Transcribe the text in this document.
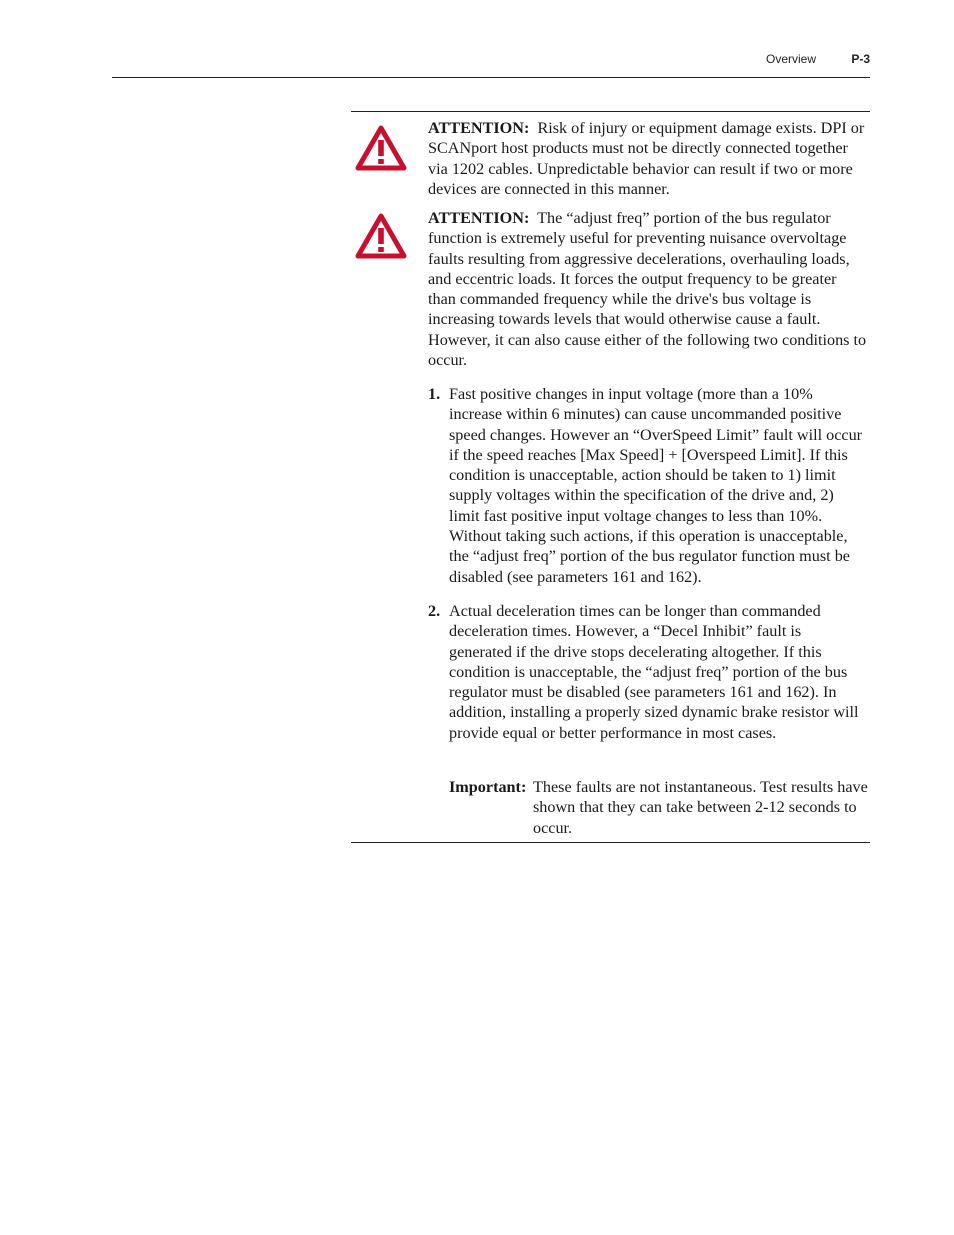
Overview	P-3

ATTENTION: Risk of injury or equipment damage exists. DPI or SCANport host products must not be directly connected together via 1202 cables. Unpredictable behavior can result if two or more devices are connected in this manner.

ATTENTION: The “adjust freq” portion of the bus regulator function is extremely useful for preventing nuisance overvoltage faults resulting from aggressive decelerations, overhauling loads, and eccentric loads. It forces the output frequency to be greater than commanded frequency while the drive's bus voltage is increasing towards levels that would otherwise cause a fault. However, it can also cause either of the following two conditions to occur.

1. Fast positive changes in input voltage (more than a 10% increase within 6 minutes) can cause uncommanded positive speed changes. However an “OverSpeed Limit” fault will occur if the speed reaches [Max Speed] + [Overspeed Limit]. If this condition is unacceptable, action should be taken to 1) limit supply voltages within the specification of the drive and, 2) limit fast positive input voltage changes to less than 10%. Without taking such actions, if this operation is unacceptable, the “adjust freq” portion of the bus regulator function must be disabled (see parameters 161 and 162).
2. Actual deceleration times can be longer than commanded deceleration times. However, a “Decel Inhibit” fault is generated if the drive stops decelerating altogether. If this condition is unacceptable, the “adjust freq” portion of the bus regulator must be disabled (see parameters 161 and 162). In addition, installing a properly sized dynamic brake resistor will provide equal or better performance in most cases.
Important: These faults are not instantaneous. Test results have shown that they can take between 2-12 seconds to occur.
